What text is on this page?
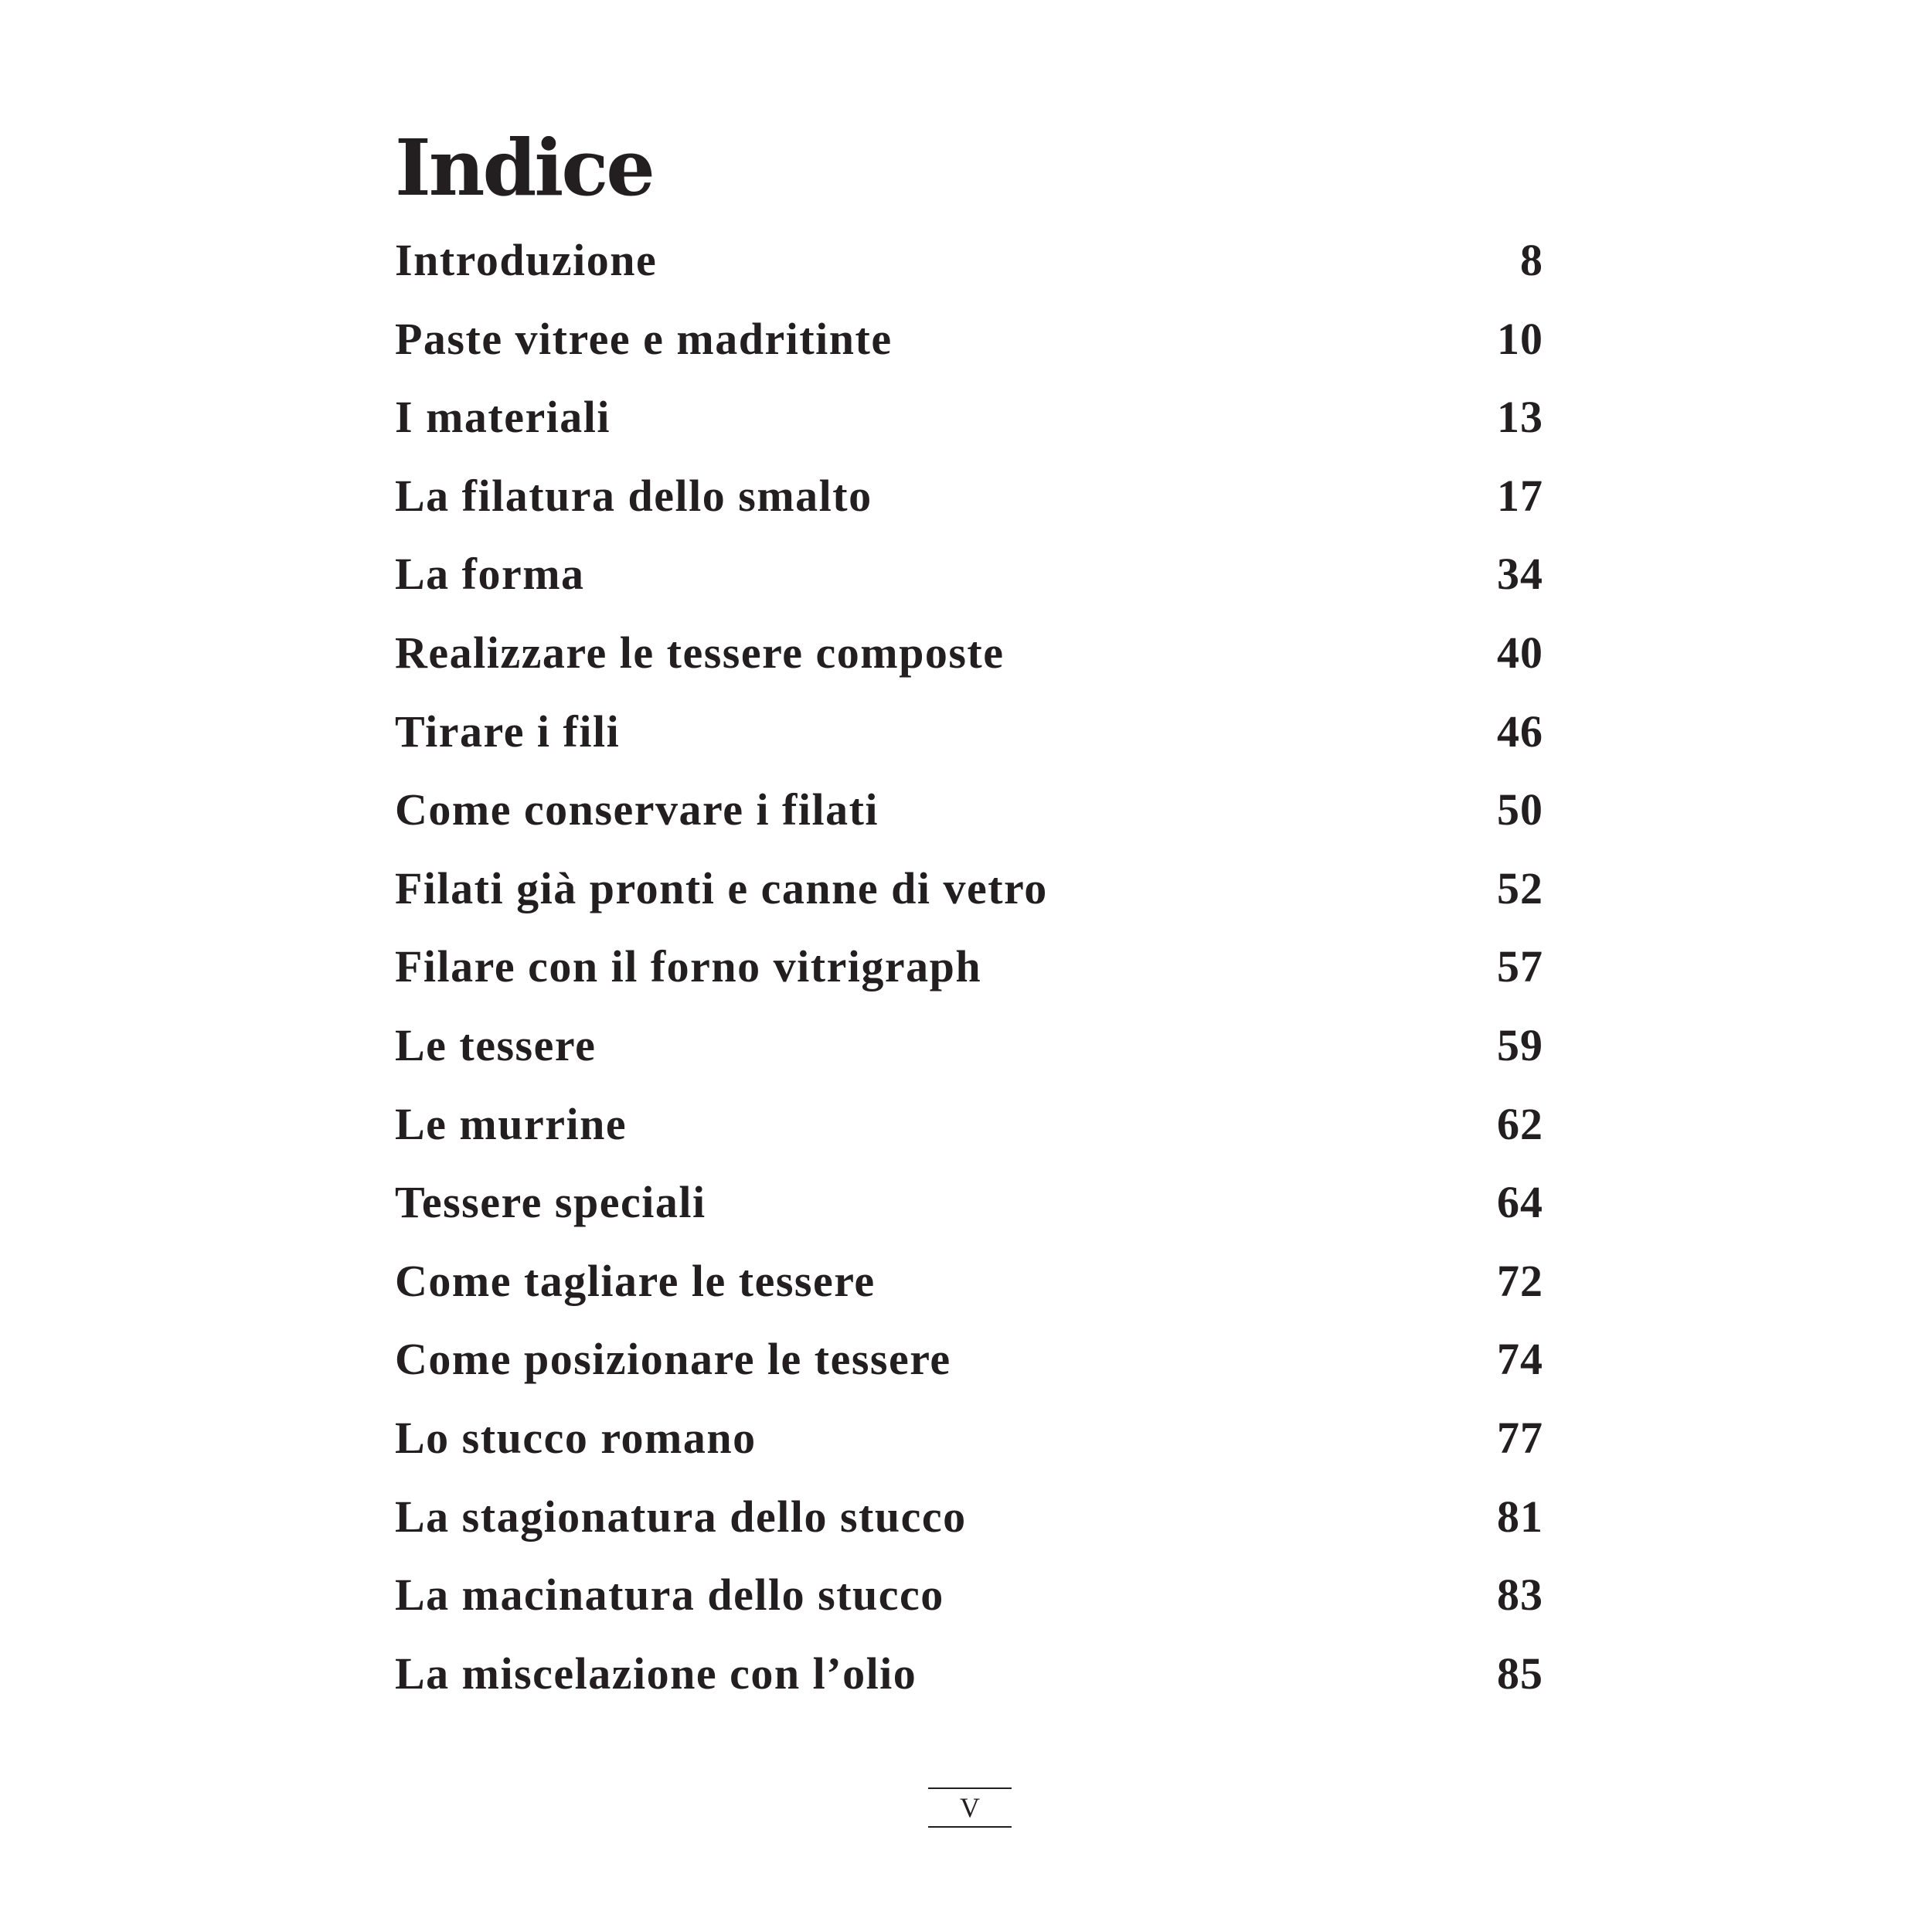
Indice
Introduzione	8
Paste vitree e madritinte	10
I materiali	13
La filatura dello smalto	17
La forma	34
Realizzare le tessere composte	40
Tirare i fili	46
Come conservare i filati	50
Filati già pronti e canne di vetro	52
Filare con il forno vitrigraph	57
Le tessere	59
Le murrine	62
Tessere speciali	64
Come tagliare le tessere	72
Come posizionare le tessere	74
Lo stucco romano	77
La stagionatura dello stucco	81
La macinatura dello stucco	83
La miscelazione con l’olio	85
V
